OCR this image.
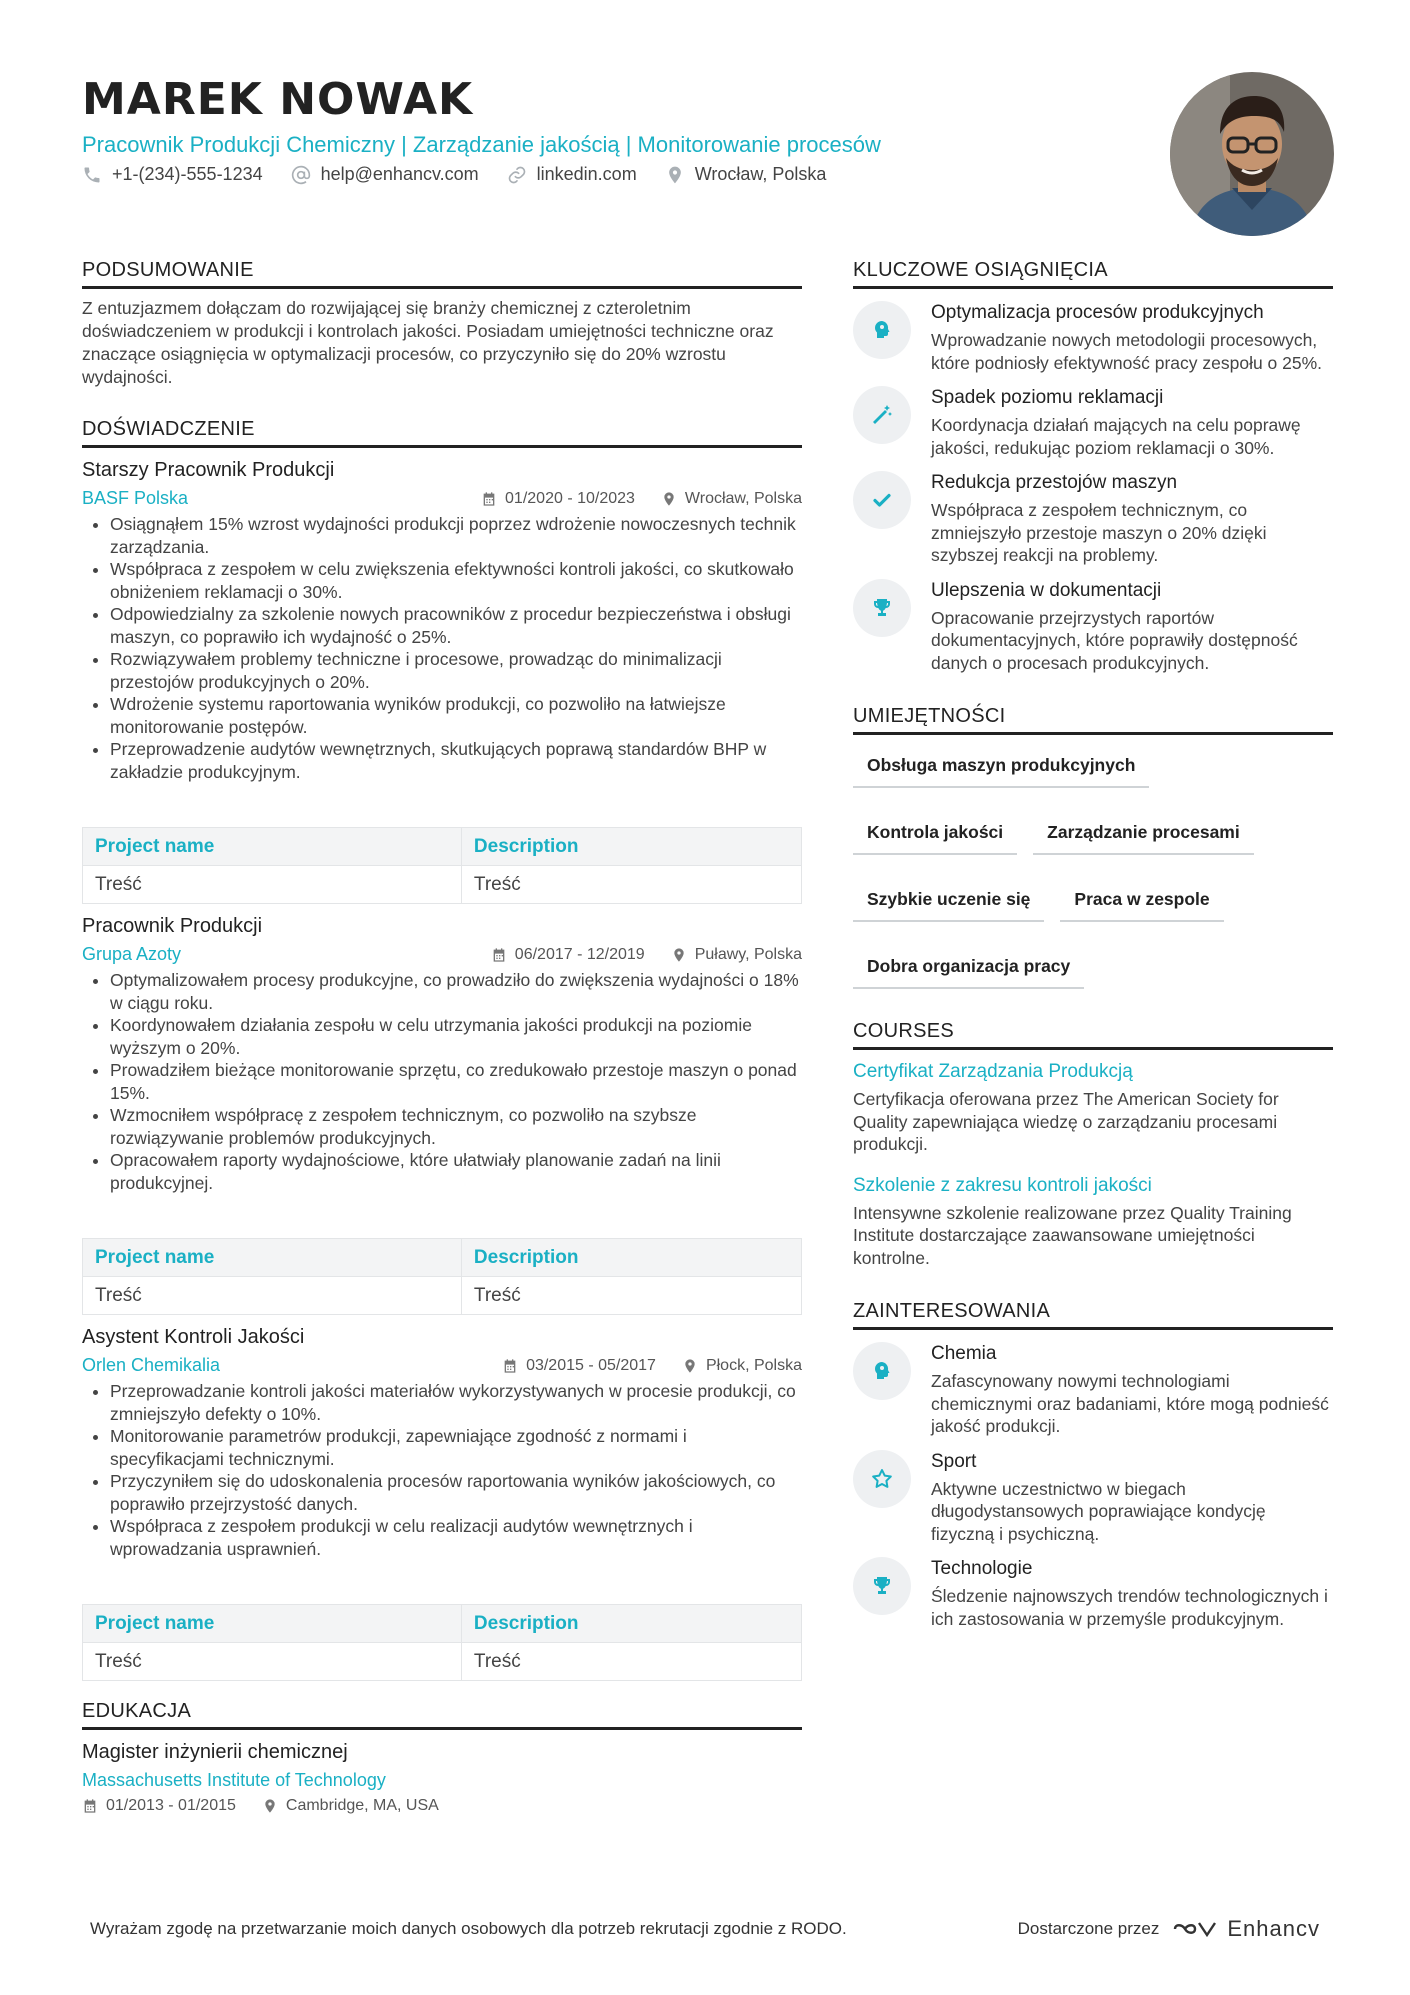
MAREK NOWAK
Pracownik Produkcji Chemiczny | Zarządzanie jakością | Monitorowanie procesów
+1-(234)-555-1234	help@enhancv.com	linkedin.com	Wrocław, Polska
PODSUMOWANIE
Z entuzjazmem dołączam do rozwijającej się branży chemicznej z czteroletnim doświadczeniem w produkcji i kontrolach jakości. Posiadam umiejętności techniczne oraz znaczące osiągnięcia w optymalizacji procesów, co przyczyniło się do 20% wzrostu wydajności.
DOŚWIADCZENIE
Starszy Pracownik Produkcji
BASF Polska	01/2020 - 10/2023	Wrocław, Polska
• Osiągnąłem 15% wzrost wydajności produkcji poprzez wdrożenie nowoczesnych technik zarządzania.
• Współpraca z zespołem w celu zwiększenia efektywności kontroli jakości, co skutkowało obniżeniem reklamacji o 30%.
• Odpowiedzialny za szkolenie nowych pracowników z procedur bezpieczeństwa i obsługi maszyn, co poprawiło ich wydajność o 25%.
• Rozwiązywałem problemy techniczne i procesowe, prowadząc do minimalizacji przestojów produkcyjnych o 20%.
• Wdrożenie systemu raportowania wyników produkcji, co pozwoliło na łatwiejsze monitorowanie postępów.
• Przeprowadzenie audytów wewnętrznych, skutkujących poprawą standardów BHP w zakładzie produkcyjnym.
Project name	Description
Treść	Treść
Pracownik Produkcji
Grupa Azoty	06/2017 - 12/2019	Puławy, Polska
• Optymalizowałem procesy produkcyjne, co prowadziło do zwiększenia wydajności o 18% w ciągu roku.
• Koordynowałem działania zespołu w celu utrzymania jakości produkcji na poziomie wyższym o 20%.
• Prowadziłem bieżące monitorowanie sprzętu, co zredukowało przestoje maszyn o ponad 15%.
• Wzmocniłem współpracę z zespołem technicznym, co pozwoliło na szybsze rozwiązywanie problemów produkcyjnych.
• Opracowałem raporty wydajnościowe, które ułatwiały planowanie zadań na linii produkcyjnej.
Project name	Description
Treść	Treść
Asystent Kontroli Jakości
Orlen Chemikalia	03/2015 - 05/2017	Płock, Polska
• Przeprowadzanie kontroli jakości materiałów wykorzystywanych w procesie produkcji, co zmniejszyło defekty o 10%.
• Monitorowanie parametrów produkcji, zapewniające zgodność z normami i specyfikacjami technicznymi.
• Przyczyniłem się do udoskonalenia procesów raportowania wyników jakościowych, co poprawiło przejrzystość danych.
• Współpraca z zespołem produkcji w celu realizacji audytów wewnętrznych i wprowadzania usprawnień.
Project name	Description
Treść	Treść
EDUKACJA
Magister inżynierii chemicznej
Massachusetts Institute of Technology
01/2013 - 01/2015	Cambridge, MA, USA
KLUCZOWE OSIĄGNIĘCIA
Optymalizacja procesów produkcyjnych
Wprowadzanie nowych metodologii procesowych, które podniosły efektywność pracy zespołu o 25%.
Spadek poziomu reklamacji
Koordynacja działań mających na celu poprawę jakości, redukując poziom reklamacji o 30%.
Redukcja przestojów maszyn
Współpraca z zespołem technicznym, co zmniejszyło przestoje maszyn o 20% dzięki szybszej reakcji na problemy.
Ulepszenia w dokumentacji
Opracowanie przejrzystych raportów dokumentacyjnych, które poprawiły dostępność danych o procesach produkcyjnych.
UMIEJĘTNOŚCI
Obsługa maszyn produkcyjnych
Kontrola jakości	Zarządzanie procesami
Szybkie uczenie się	Praca w zespole
Dobra organizacja pracy
COURSES
Certyfikat Zarządzania Produkcją
Certyfikacja oferowana przez The American Society for Quality zapewniająca wiedzę o zarządzaniu procesami produkcji.
Szkolenie z zakresu kontroli jakości
Intensywne szkolenie realizowane przez Quality Training Institute dostarczające zaawansowane umiejętności kontrolne.
ZAINTERESOWANIA
Chemia
Zafascynowany nowymi technologiami chemicznymi oraz badaniami, które mogą podnieść jakość produkcji.
Sport
Aktywne uczestnictwo w biegach długodystansowych poprawiające kondycję fizyczną i psychiczną.
Technologie
Śledzenie najnowszych trendów technologicznych i ich zastosowania w przemyśle produkcyjnym.
Wyrażam zgodę na przetwarzanie moich danych osobowych dla potrzeb rekrutacji zgodnie z RODO.	Dostarczone przez	Enhancv
